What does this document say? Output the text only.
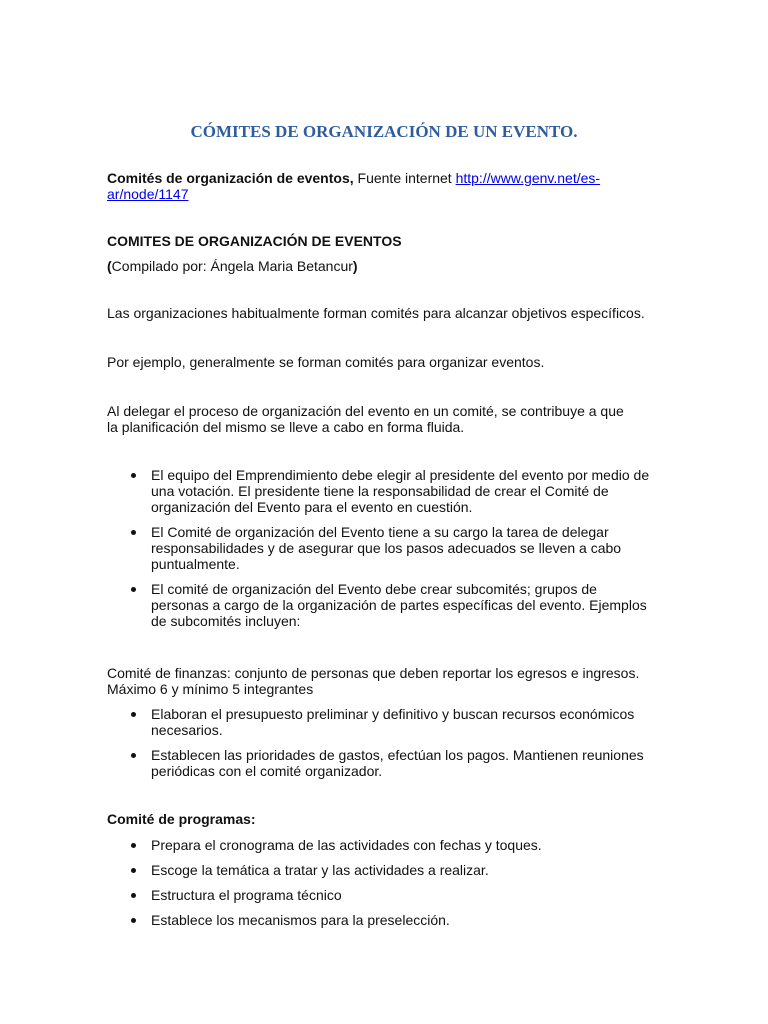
CÓMITES DE ORGANIZACIÓN DE UN EVENTO.
Comités de organización de eventos, Fuente internet http://www.genv.net/es-
ar/node/1147
COMITES DE ORGANIZACIÓN DE EVENTOS
(Compilado por: Ángela Maria Betancur)
Las organizaciones habitualmente forman comités para alcanzar objetivos específicos.
Por ejemplo, generalmente se forman comités para organizar eventos.
Al delegar el proceso de organización del evento en un comité, se contribuye a que la planificación del mismo se lleve a cabo en forma fluida.
El equipo del Emprendimiento debe elegir al presidente del evento por medio de una votación. El presidente tiene la responsabilidad de crear el Comité de organización del Evento para el evento en cuestión.
El Comité de organización del Evento tiene a su cargo la tarea de delegar responsabilidades y de asegurar que los pasos adecuados se lleven a cabo puntualmente.
El comité de organización del Evento debe crear subcomités; grupos de personas a cargo de la organización de partes específicas del evento. Ejemplos de subcomités incluyen:
Comité de finanzas: conjunto de personas que deben reportar los egresos e ingresos. Máximo 6 y mínimo 5 integrantes
Elaboran el presupuesto preliminar y definitivo y buscan recursos económicos necesarios.
Establecen las prioridades de gastos, efectúan los pagos. Mantienen reuniones periódicas con el comité organizador.
Comité de programas:
Prepara el cronograma de las actividades con fechas y toques.
Escoge la temática a tratar y las actividades a realizar.
Estructura el programa técnico
Establece los mecanismos para la preselección.
